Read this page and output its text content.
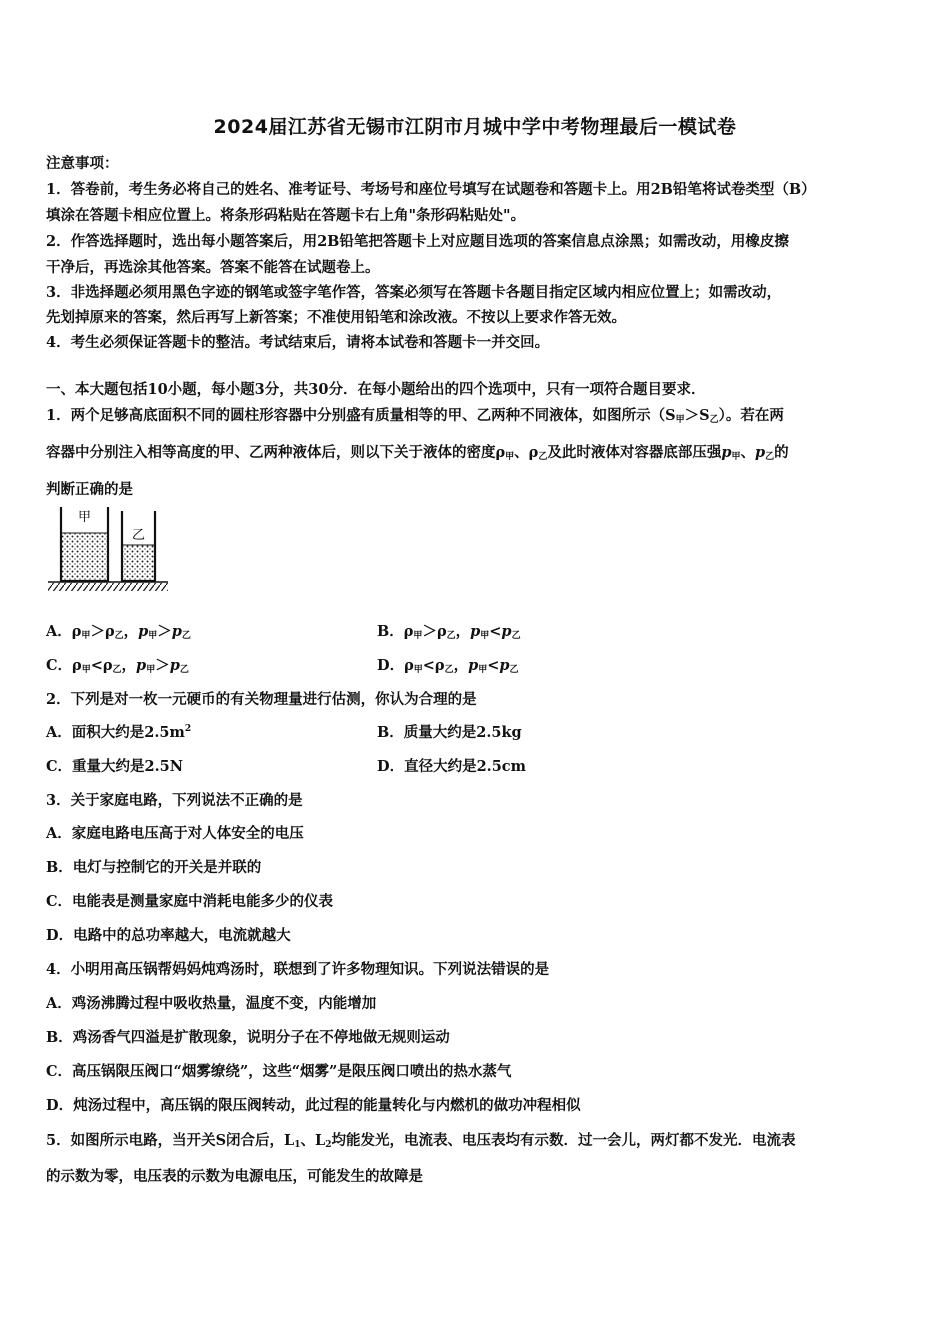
2024届江苏省无锡市江阴市月城中学中考物理最后一模试卷
注意事项：
1．答卷前，考生务必将自己的姓名、准考证号、考场号和座位号填写在试题卷和答题卡上。用2B铅笔将试卷类型（B）
填涂在答题卡相应位置上。将条形码粘贴在答题卡右上角"条形码粘贴处"。
2．作答选择题时，选出每小题答案后，用2B铅笔把答题卡上对应题目选项的答案信息点涂黑；如需改动，用橡皮擦
干净后，再选涂其他答案。答案不能答在试题卷上。
3．非选择题必须用黑色字迹的钢笔或签字笔作答，答案必须写在答题卡各题目指定区域内相应位置上；如需改动，
先划掉原来的答案，然后再写上新答案；不准使用铅笔和涂改液。不按以上要求作答无效。
4．考生必须保证答题卡的整洁。考试结束后，请将本试卷和答题卡一并交回。
一、本大题包括10小题，每小题3分，共30分．在每小题给出的四个选项中，只有一项符合题目要求．
1．两个足够高底面积不同的圆柱形容器中分别盛有质量相等的甲、乙两种不同液体，如图所示$(S_甲>S_乙)$。若在两
容器中分别注入相等高度的甲、乙两种液体后，则以下关于液体的密度$\rho_甲$、$\rho_乙$及此时液体对容器底部压强$p_甲$、$p_乙$的
判断正确的是
甲
乙
A．$\rho_甲>\rho_乙$，$p_甲>p_乙$	B．$\rho_甲>\rho_乙$，$p_甲<p_乙$
C．$\rho_甲<\rho_乙$，$p_甲>p_乙$	D．$\rho_甲<\rho_乙$，$p_甲<p_乙$
2．下列是对一枚一元硬币的有关物理量进行估测，你认为合理的是
A．面积大约是$2.5m^2$	B．质量大约是2.5kg
C．重量大约是2.5N	D．直径大约是2.5cm
3．关于家庭电路，下列说法不正确的是
A．家庭电路电压高于对人体安全的电压
B．电灯与控制它的开关是并联的
C．电能表是测量家庭中消耗电能多少的仪表
D．电路中的总功率越大，电流就越大
4．小明用高压锅帮妈妈炖鸡汤时，联想到了许多物理知识。下列说法错误的是
A．鸡汤沸腾过程中吸收热量，温度不变，内能增加
B．鸡汤香气四溢是扩散现象，说明分子在不停地做无规则运动
C．高压锅限压阀口“烟雾缭绕”，这些“烟雾”是限压阀口喷出的热水蒸气
D．炖汤过程中，高压锅的限压阀转动，此过程的能量转化与内燃机的做功冲程相似
5．如图所示电路，当开关S闭合后，$L_1$、$L_2$均能发光，电流表、电压表均有示数．过一会儿，两灯都不发光．电流表
的示数为零，电压表的示数为电源电压，可能发生的故障是
